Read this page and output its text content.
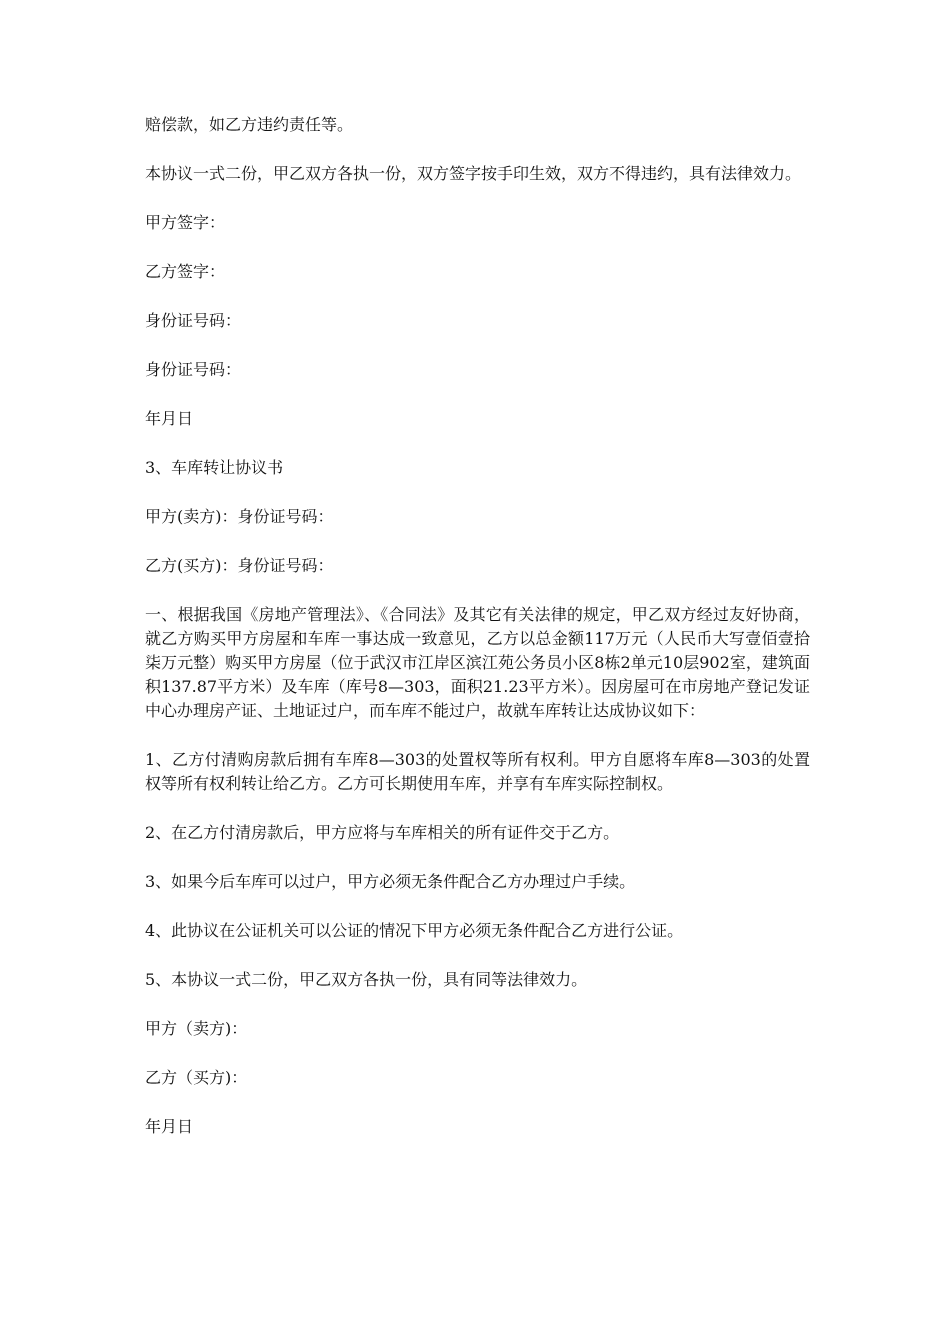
赔偿款，如乙方违约责任等。

本协议一式二份，甲乙双方各执一份，双方签字按手印生效，双方不得违约，具有法律效力。

甲方签字：

乙方签字：

身份证号码：

身份证号码：

年月日

3、车库转让协议书

甲方(卖方)：身份证号码：

乙方(买方)：身份证号码：

一、根据我国《房地产管理法》、《合同法》及其它有关法律的规定，甲乙双方经过友好协商，就乙方购买甲方房屋和车库一事达成一致意见，乙方以总金额117万元（人民币大写壹佰壹拾柒万元整）购买甲方房屋（位于武汉市江岸区滨江苑公务员小区8栋2单元10层902室，建筑面积137.87平方米）及车库（库号8—303，面积21.23平方米）。因房屋可在市房地产登记发证中心办理房产证、土地证过户，而车库不能过户，故就车库转让达成协议如下：

1、乙方付清购房款后拥有车库8—303的处置权等所有权利。甲方自愿将车库8—303的处置权等所有权利转让给乙方。乙方可长期使用车库，并享有车库实际控制权。

2、在乙方付清房款后，甲方应将与车库相关的所有证件交于乙方。

3、如果今后车库可以过户，甲方必须无条件配合乙方办理过户手续。

4、此协议在公证机关可以公证的情况下甲方必须无条件配合乙方进行公证。

5、本协议一式二份，甲乙双方各执一份，具有同等法律效力。

甲方（卖方)：

乙方（买方)：

年月日
